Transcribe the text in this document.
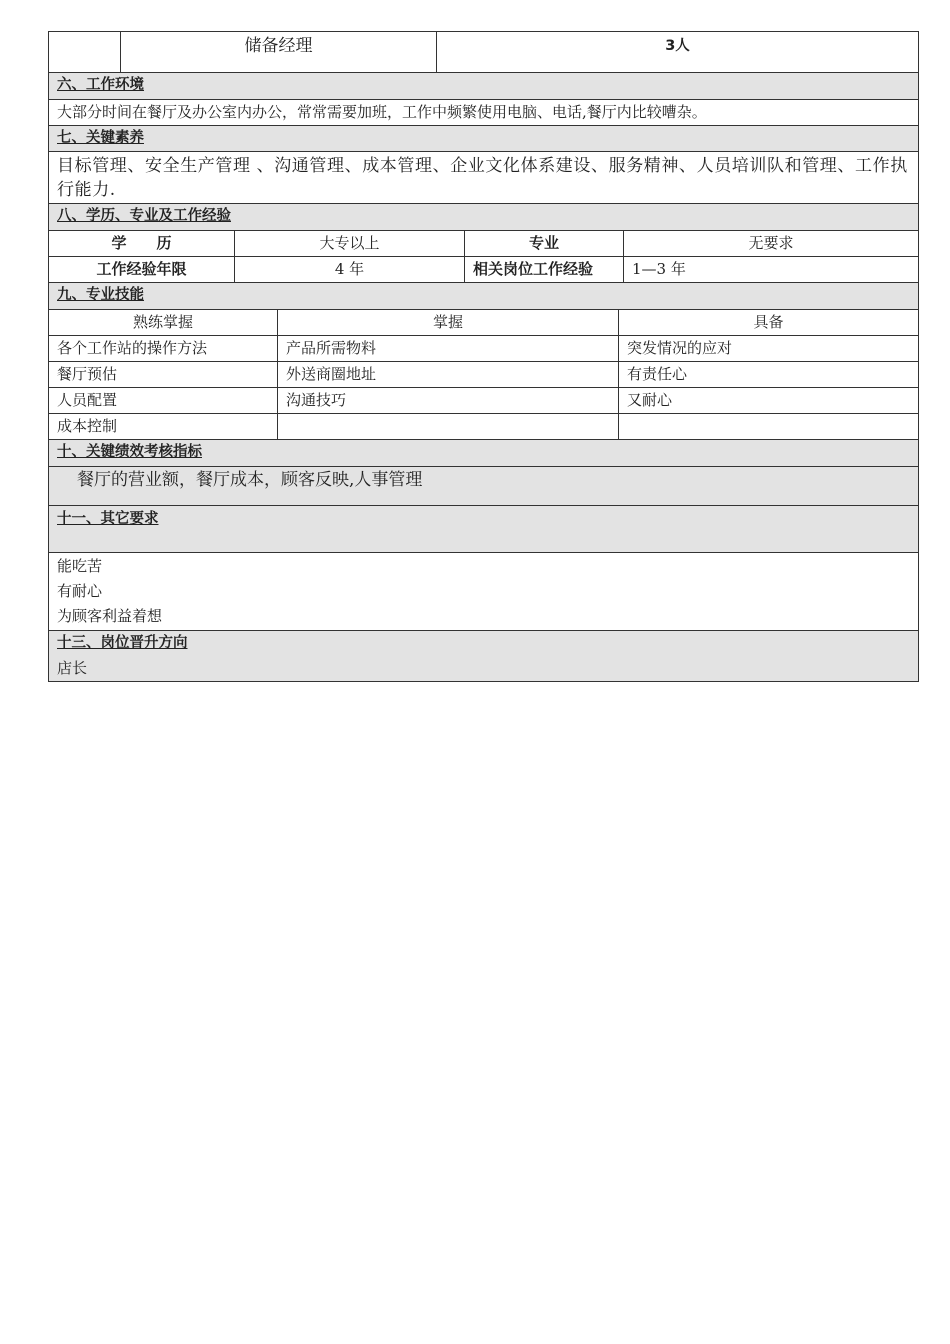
	储备经理	3人
六、工作环境
大部分时间在餐厅及办公室内办公，常常需要加班，工作中频繁使用电脑、电话,餐厅内比较嘈杂。
七、关键素养
目标管理、安全生产管理 、沟通管理、成本管理、企业文化体系建设、服务精神、人员培训队和管理、工作执行能力.
八、学历、专业及工作经验
学　　历	大专以上	专业	无要求
工作经验年限	4 年	相关岗位工作经验	1—3 年
九、专业技能
熟练掌握	掌握	具备
各个工作站的操作方法	产品所需物料	突发情况的应对
餐厅预估	外送商圈地址	有责任心
人员配置	沟通技巧	又耐心
成本控制		
十、关键绩效考核指标
餐厅的营业额，餐厅成本，顾客反映,人事管理
十一、其它要求

能吃苦
有耐心
为顾客利益着想
十三、岗位晋升方向
店长
